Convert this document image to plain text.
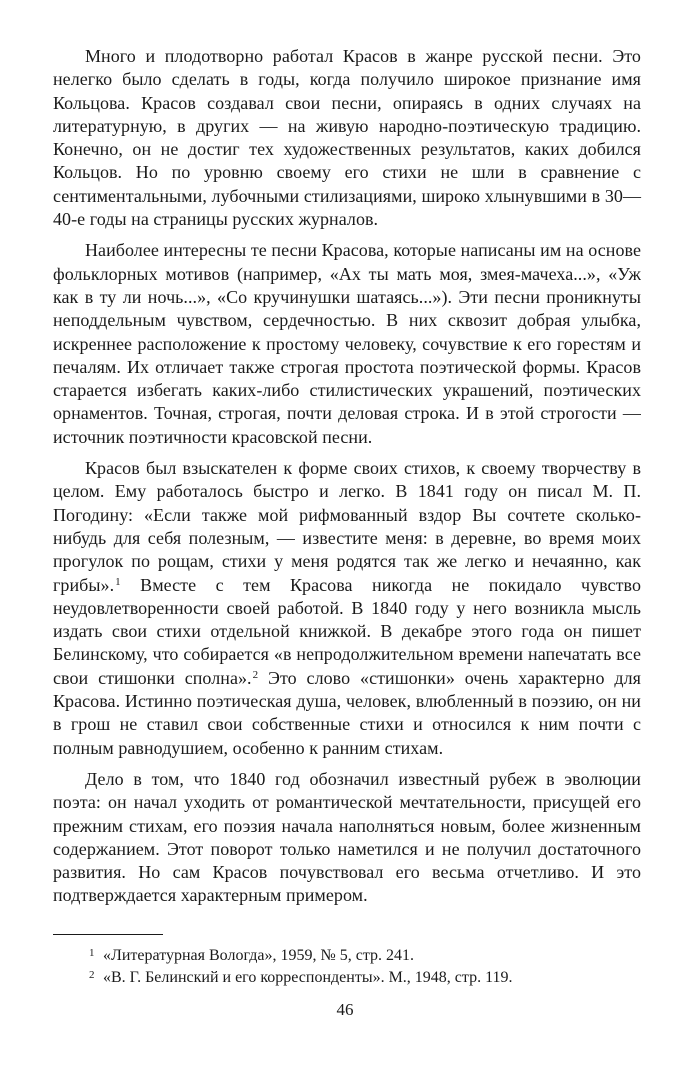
Много и плодотворно работал Красов в жанре русской песни. Это нелегко было сделать в годы, когда получило широкое признание имя Кольцова. Красов создавал свои песни, опираясь в одних случаях на литературную, в других — на живую народно-поэтическую традицию. Конечно, он не достиг тех художественных результатов, каких добился Кольцов. Но по уровню своему его стихи не шли в сравнение с сентиментальными, лубочными стилизациями, широко хлынувшими в 30—40-е годы на страницы русских журналов.

Наиболее интересны те песни Красова, которые написаны им на основе фольклорных мотивов (например, «Ах ты мать моя, змея-мачеха...», «Уж как в ту ли ночь...», «Со кручинушки шатаясь...»). Эти песни проникнуты неподдельным чувством, сердечностью. В них сквозит добрая улыбка, искреннее расположение к простому человеку, сочувствие к его горестям и печалям. Их отличает также строгая простота поэтической формы. Красов старается избегать каких-либо стилистических украшений, поэтических орнаментов. Точная, строгая, почти деловая строка. И в этой строгости — источник поэтичности красовской песни.

Красов был взыскателен к форме своих стихов, к своему творчеству в целом. Ему работалось быстро и легко. В 1841 году он писал М. П. Погодину: «Если также мой рифмованный вздор Вы сочтете сколько-нибудь для себя полезным, — известите меня: в деревне, во время моих прогулок по рощам, стихи у меня родятся так же легко и нечаянно, как грибы».$^1$ Вместе с тем Красова никогда не покидало чувство неудовлетворенности своей работой. В 1840 году у него возникла мысль издать свои стихи отдельной книжкой. В декабре этого года он пишет Белинскому, что собирается «в непродолжительном времени напечатать все свои стишонки сполна».$^2$ Это слово «стишонки» очень характерно для Красова. Истинно поэтическая душа, человек, влюбленный в поэзию, он ни в грош не ставил свои собственные стихи и относился к ним почти с полным равнодушием, особенно к ранним стихам.

Дело в том, что 1840 год обозначил известный рубеж в эволюции поэта: он начал уходить от романтической мечтательности, присущей его прежним стихам, его поэзия начала наполняться новым, более жизненным содержанием. Этот поворот только наметился и не получил достаточного развития. Но сам Красов почувствовал его весьма отчетливо. И это подтверждается характерным примером.

1 «Литературная Вологда», 1959, № 5, стр. 241.
2 «В. Г. Белинский и его корреспонденты». М., 1948, стр. 119.
46
